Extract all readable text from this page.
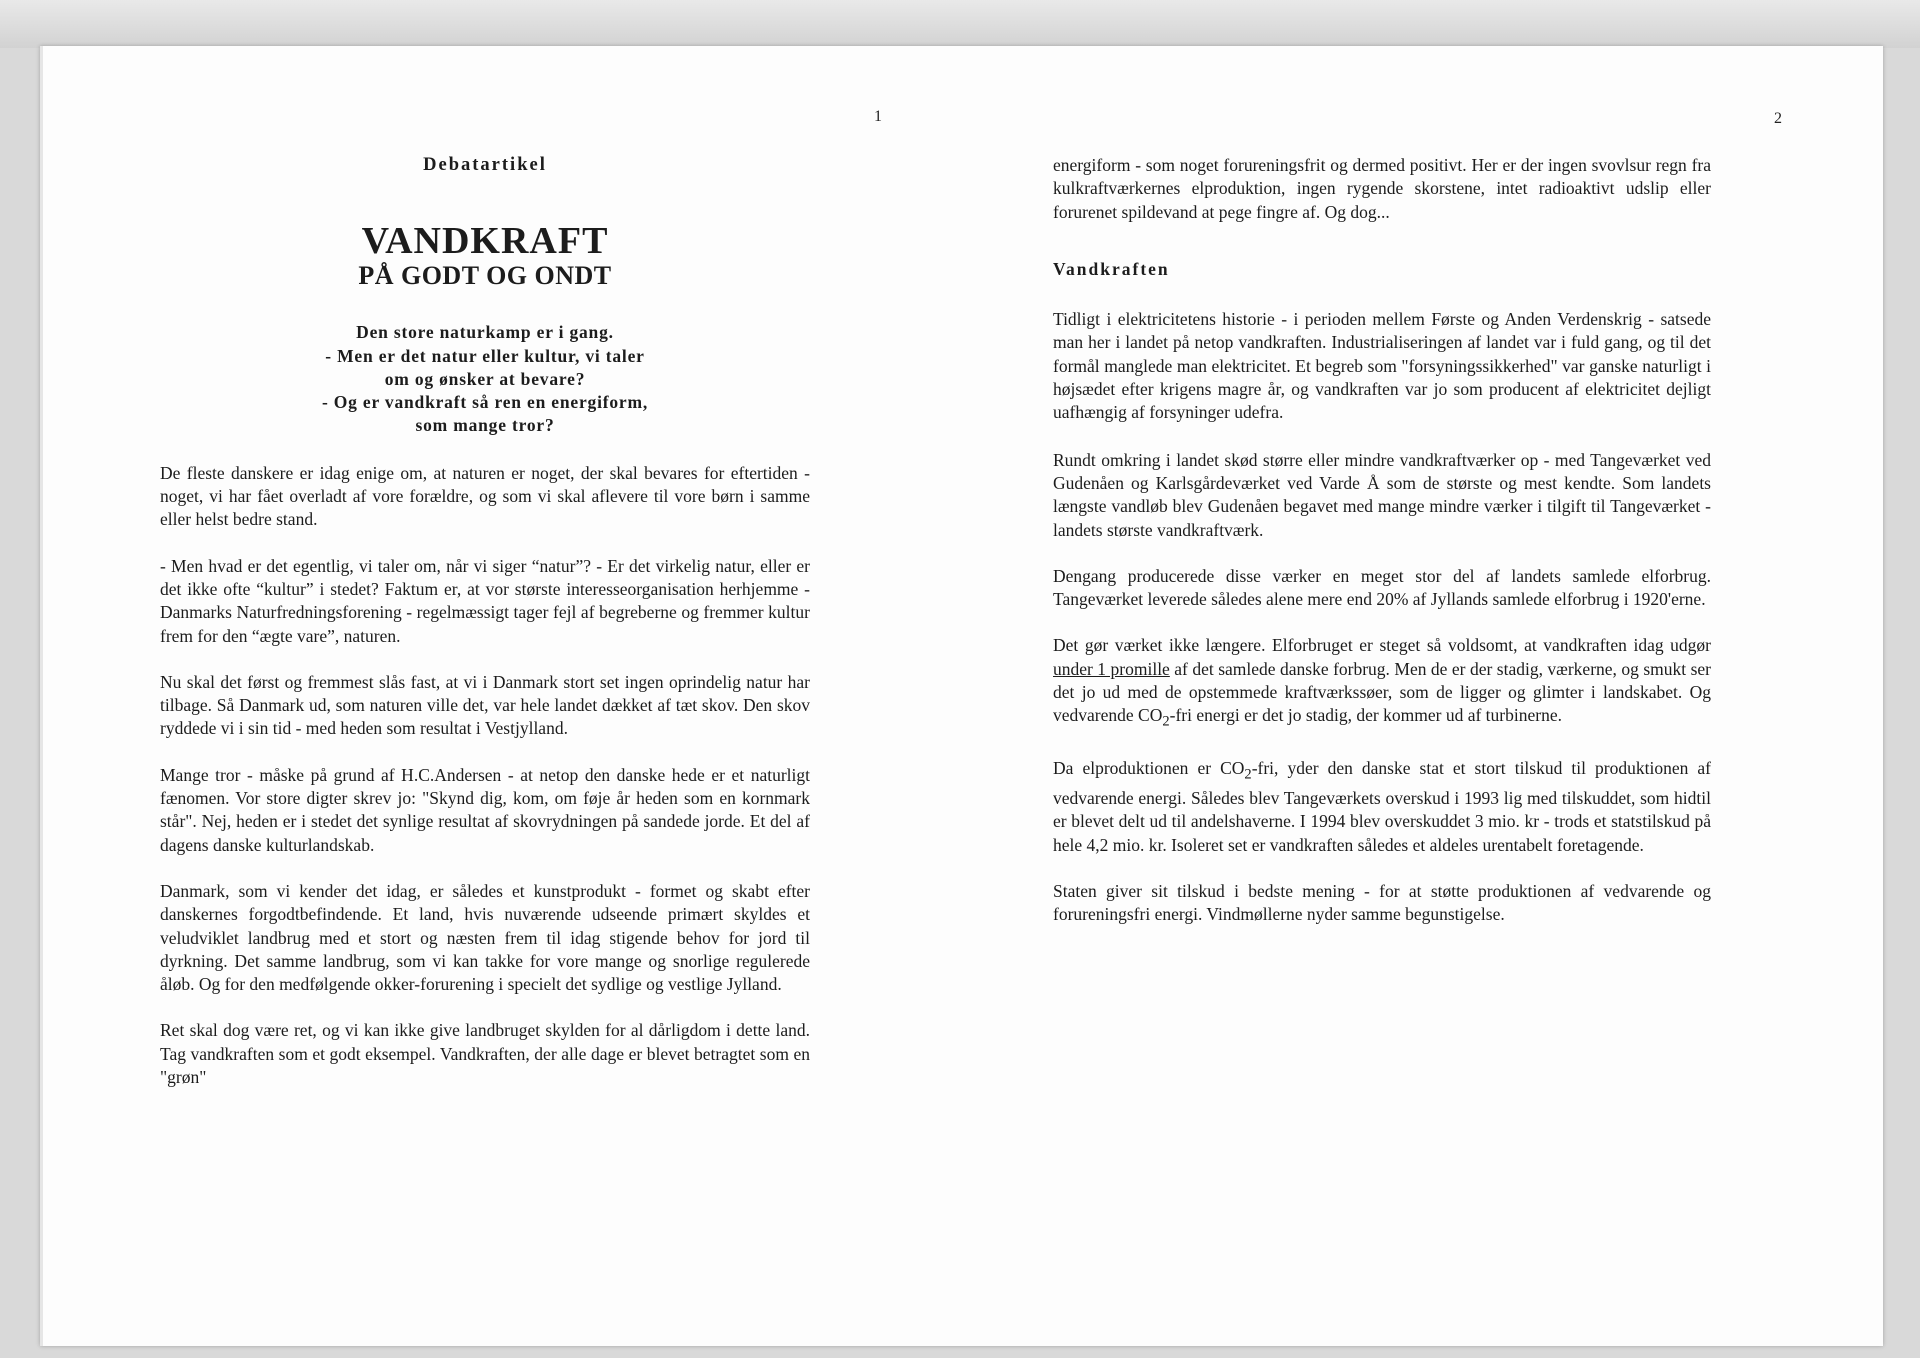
1	2
Debatartikel
VANDKRAFT
PÅ GODT OG ONDT
Den store naturkamp er i gang.
- Men er det natur eller kultur, vi taler
om og ønsker at bevare?
- Og er vandkraft så ren en energiform,
som mange tror?

De fleste danskere er idag enige om, at naturen er noget, der skal bevares for eftertiden - noget, vi har fået overladt af vore forældre, og som vi skal aflevere til vore børn i samme eller helst bedre stand.

- Men hvad er det egentlig, vi taler om, når vi siger “natur”? - Er det virkelig natur, eller er det ikke ofte “kultur” i stedet? Faktum er, at vor største interesseorganisation herhjemme - Danmarks Naturfredningsforening - regelmæssigt tager fejl af begreberne og fremmer kultur frem for den “ægte vare”, naturen.

Nu skal det først og fremmest slås fast, at vi i Danmark stort set ingen oprindelig natur har tilbage. Så Danmark ud, som naturen ville det, var hele landet dækket af tæt skov. Den skov ryddede vi i sin tid - med heden som resultat i Vestjylland.

Mange tror - måske på grund af H.C.Andersen - at netop den danske hede er et naturligt fænomen. Vor store digter skrev jo: "Skynd dig, kom, om føje år heden som en kornmark står". Nej, heden er i stedet det synlige resultat af skovrydningen på sandede jorde. Et del af dagens danske kulturlandskab.

Danmark, som vi kender det idag, er således et kunstprodukt - formet og skabt efter danskernes forgodtbefindende. Et land, hvis nuværende udseende primært skyldes et veludviklet landbrug med et stort og næsten frem til idag stigende behov for jord til dyrkning. Det samme landbrug, som vi kan takke for vore mange og snorlige regulerede åløb. Og for den medfølgende okker-forurening i specielt det sydlige og vestlige Jylland.

Ret skal dog være ret, og vi kan ikke give landbruget skylden for al dårligdom i dette land. Tag vandkraften som et godt eksempel. Vandkraften, der alle dage er blevet betragtet som en "grøn"

energiform - som noget forureningsfrit og dermed positivt. Her er der ingen svovlsur regn fra kulkraftværkernes elproduktion, ingen rygende skorstene, intet radioaktivt udslip eller forurenet spildevand at pege fingre af. Og dog...

Vandkraften

Tidligt i elektricitetens historie - i perioden mellem Første og Anden Verdenskrig - satsede man her i landet på netop vandkraften. Industrialiseringen af landet var i fuld gang, og til det formål manglede man elektricitet. Et begreb som "forsyningssikkerhed" var ganske naturligt i højsædet efter krigens magre år, og vandkraften var jo som producent af elektricitet dejligt uafhængig af forsyninger udefra.

Rundt omkring i landet skød større eller mindre vandkraftværker op - med Tangeværket ved Gudenåen og Karlsgårdeværket ved Varde Å som de største og mest kendte. Som landets længste vandløb blev Gudenåen begavet med mange mindre værker i tilgift til Tangeværket - landets største vandkraftværk.

Dengang producerede disse værker en meget stor del af landets samlede elforbrug. Tangeværket leverede således alene mere end 20% af Jyllands samlede elforbrug i 1920'erne.

Det gør værket ikke længere. Elforbruget er steget så voldsomt, at vandkraften idag udgør under 1 promille af det samlede danske forbrug. Men de er der stadig, værkerne, og smukt ser det jo ud med de opstemmede kraftværkssøer, som de ligger og glimter i landskabet. Og vedvarende $CO_2$-fri energi er det jo stadig, der kommer ud af turbinerne.

Da elproduktionen er $CO_2$-fri, yder den danske stat et stort tilskud til produktionen af vedvarende energi. Således blev Tangeværkets overskud i 1993 lig med tilskuddet, som hidtil er blevet delt ud til andelshaverne. I 1994 blev overskuddet 3 mio. kr - trods et statstilskud på hele 4,2 mio. kr. Isoleret set er vandkraften således et aldeles urentabelt foretagende.

Staten giver sit tilskud i bedste mening - for at støtte produktionen af vedvarende og forureningsfri energi. Vindmøllerne nyder samme begunstigelse.
